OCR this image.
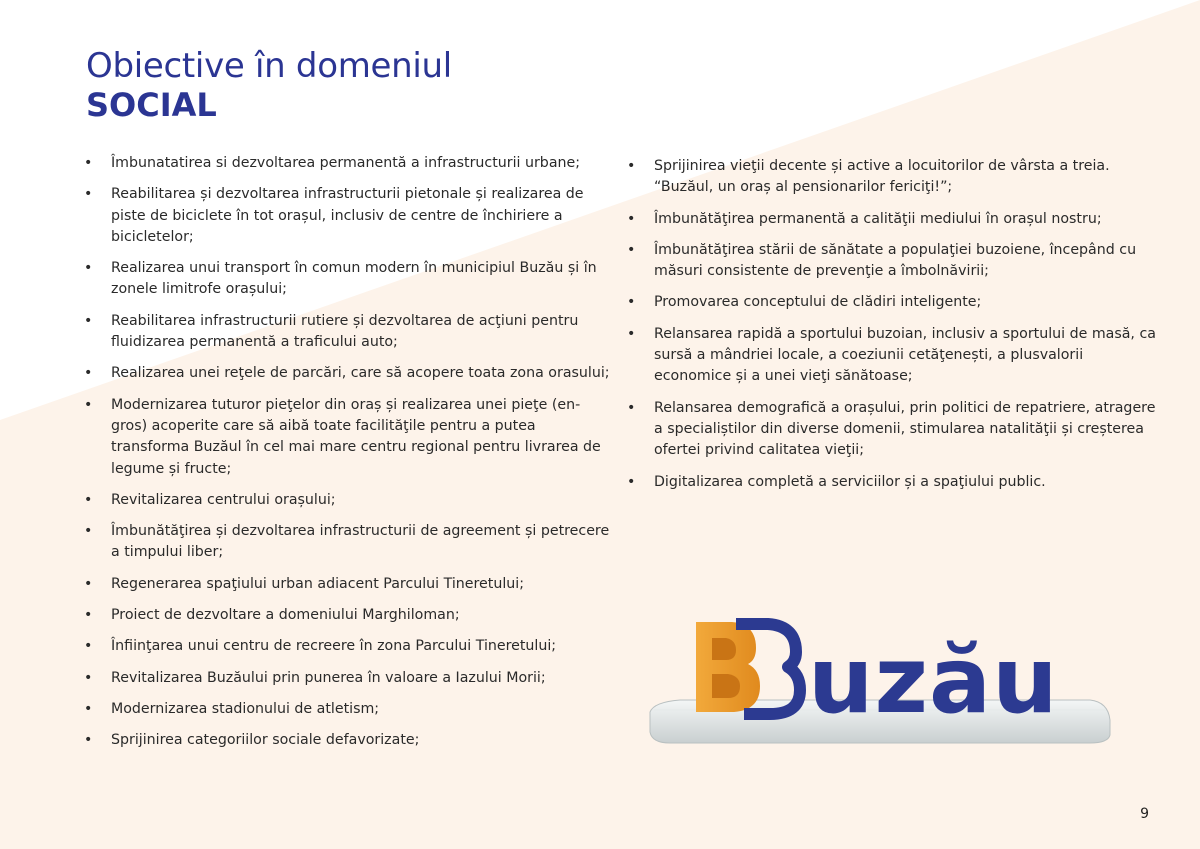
Obiective în domeniul
SOCIAL
•	Îmbunatatirea si dezvoltarea permanentă a infrastructurii urbane;
•	Reabilitarea și dezvoltarea infrastructurii pietonale și realizarea de piste de biciclete în tot orașul, inclusiv de centre de închiriere a bicicletelor;
•	Realizarea unui transport în comun modern în municipiul Buzău și în zonele limitrofe orașului;
•	Reabilitarea infrastructurii rutiere și dezvoltarea de acţiuni pentru fluidizarea permanentă a traficului auto;
•	Realizarea unei reţele de parcări, care să acopere toata zona orasului;
•	Modernizarea tuturor pieţelor din oraș și realizarea unei pieţe (en-gros) acoperite care să aibă toate facilităţile pentru a putea transforma Buzăul în cel mai mare centru regional pentru livrarea de legume și fructe;
•	Revitalizarea centrului orașului;
•	Îmbunătăţirea și dezvoltarea infrastructurii de agreement și petrecere a timpului liber;
•	Regenerarea spaţiului urban adiacent Parcului Tineretului;
•	Proiect de dezvoltare a domeniului Marghiloman;
•	Înfiinţarea unui centru de recreere în zona Parcului Tineretului;
•	Revitalizarea Buzăului prin punerea în valoare a Iazului Morii;
•	Modernizarea stadionului de atletism;
•	Sprijinirea categoriilor sociale defavorizate;
•	Sprijinirea vieţii decente și active a locuitorilor de vârsta a treia. “Buzăul, un oraș al pensionarilor fericiţi!”;
•	Îmbunătăţirea permanentă a calităţii mediului în orașul nostru;
•	Îmbunătăţirea stării de sănătate a populaţiei buzoiene, începând cu măsuri consistente de prevenţie a îmbolnăvirii;
•	Promovarea conceptului de clădiri inteligente;
•	Relansarea rapidă a sportului buzoian, inclusiv a sportului de masă, ca sursă a mândriei locale, a coeziunii cetăţenești, a plusvalorii economice și a unei vieţi sănătoase;
•	Relansarea demografică a orașului, prin politici de repatriere, atragere a specialiștilor din diverse domenii, stimularea natalităţii și creșterea ofertei privind calitatea vieţii;
•	Digitalizarea completă a serviciilor și a spaţiului public.
uzău
9
